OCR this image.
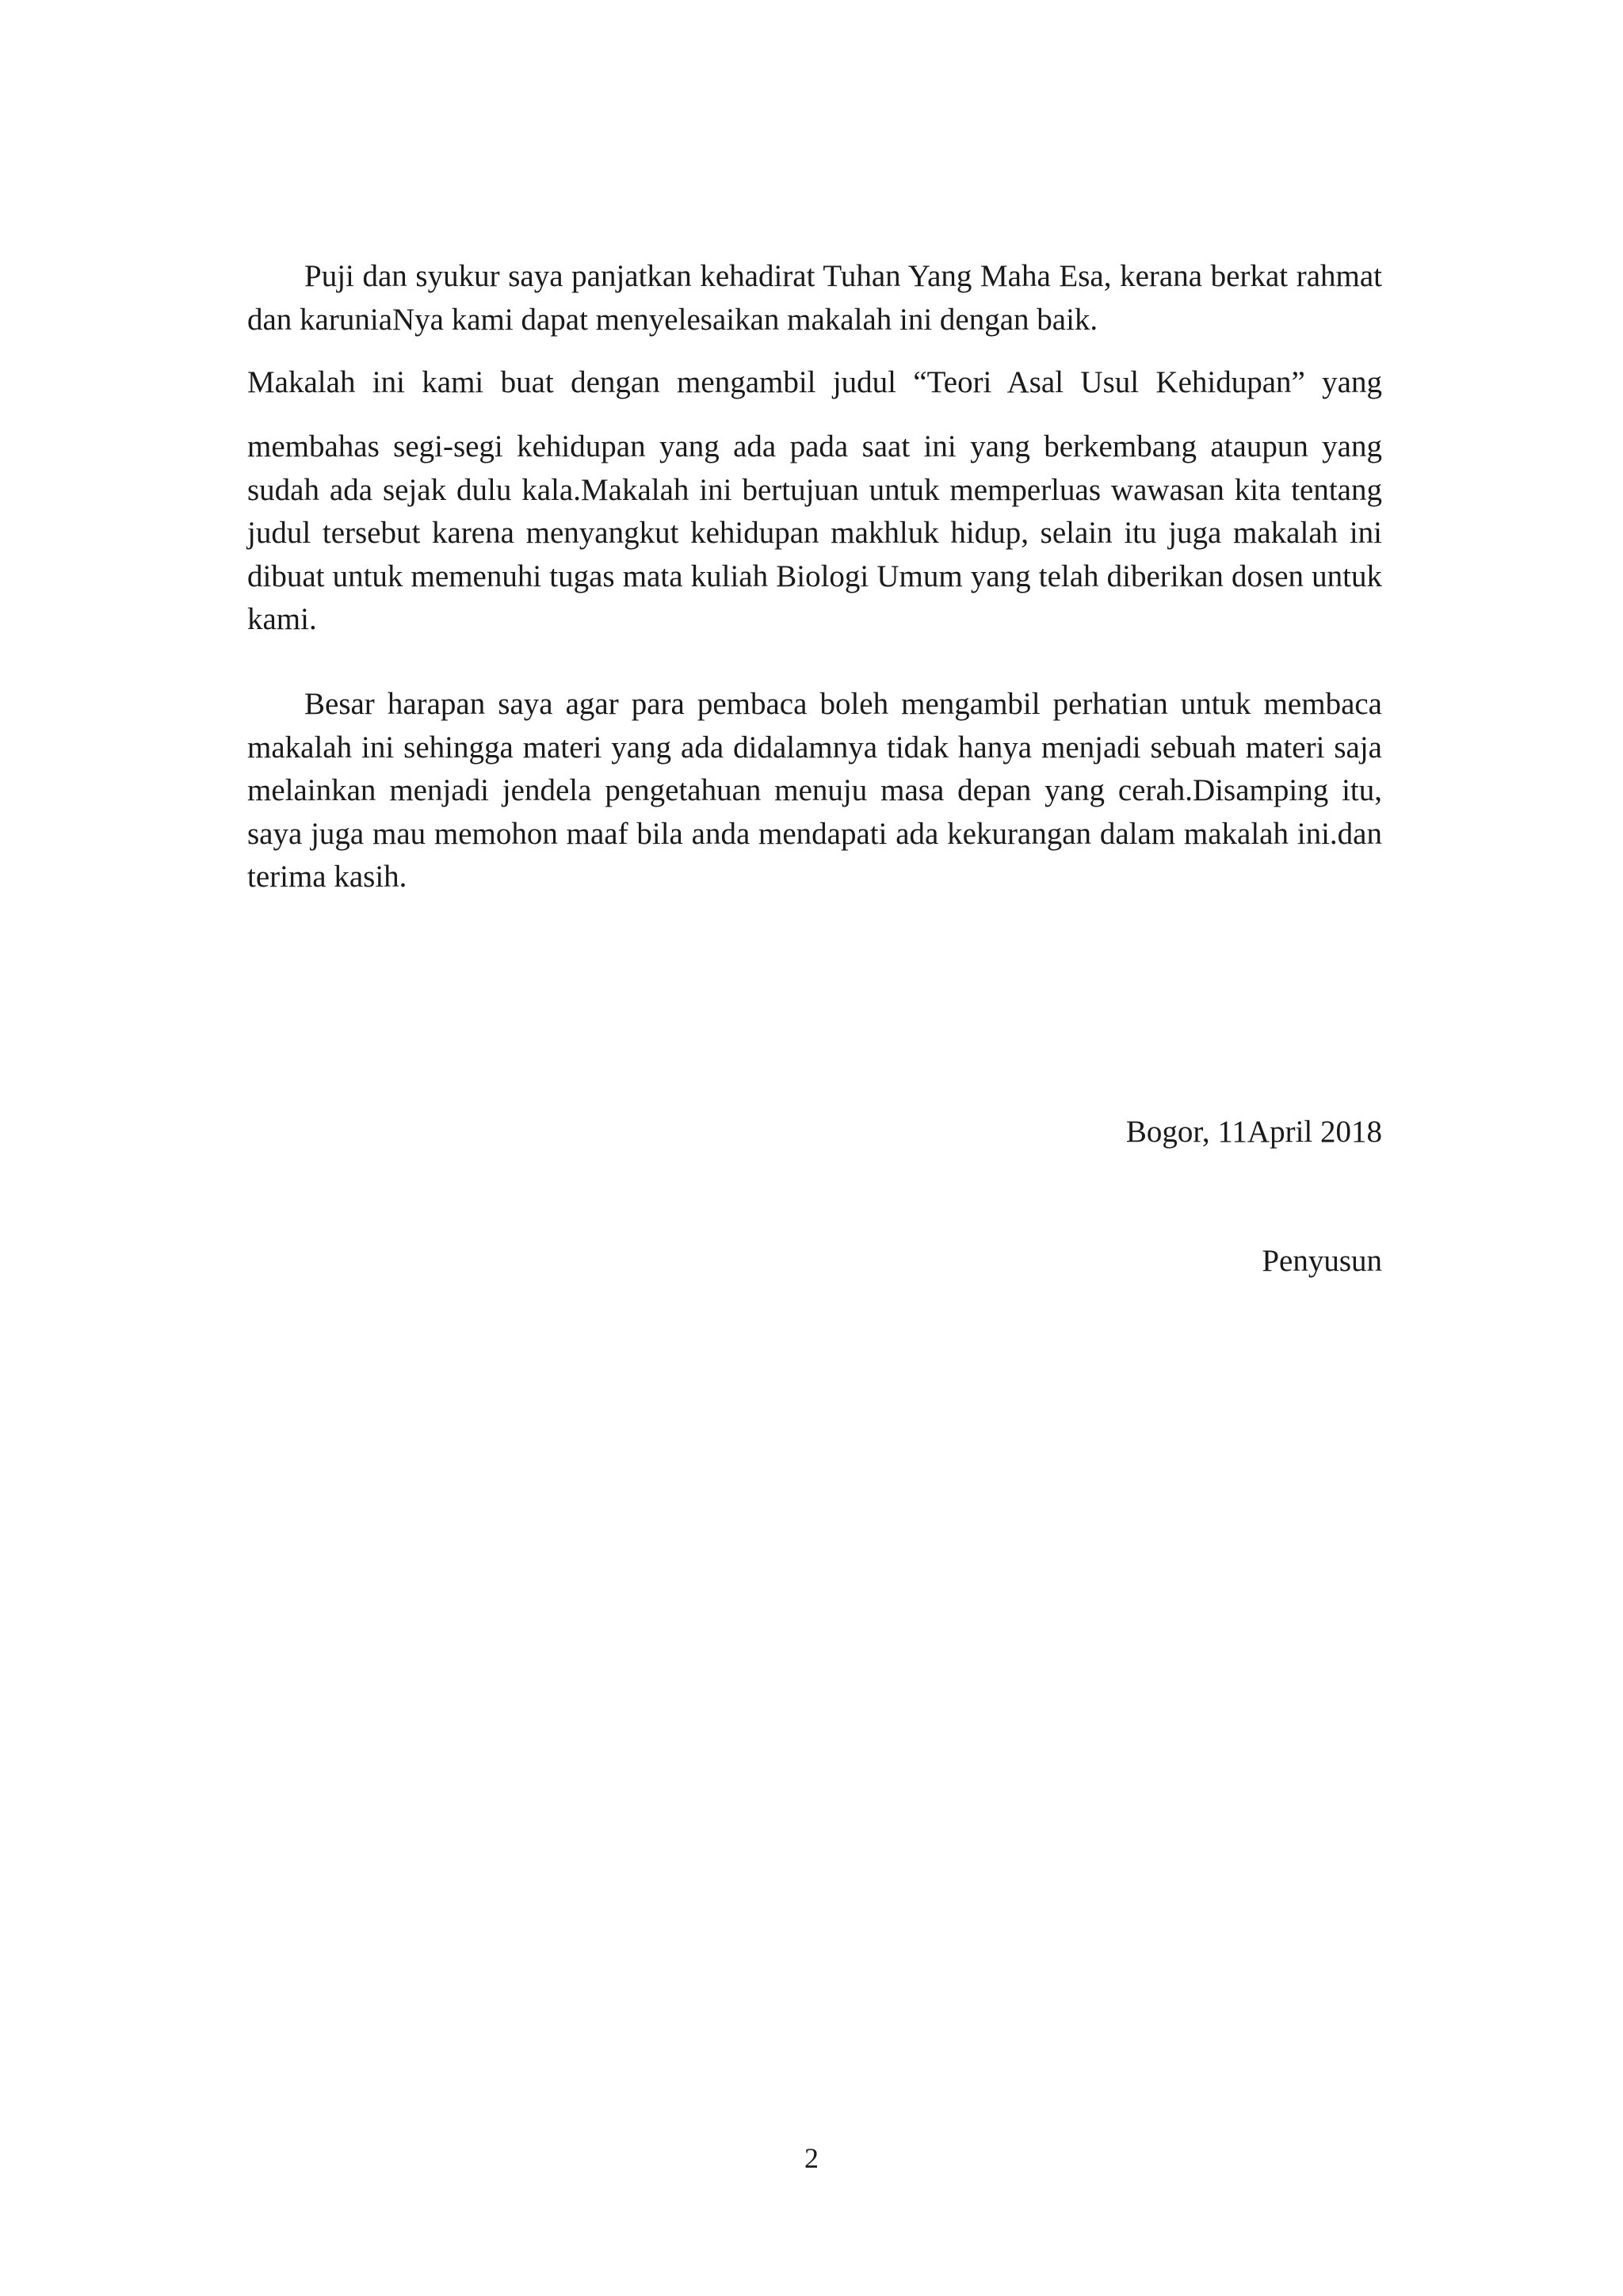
Puji dan syukur saya panjatkan kehadirat Tuhan Yang Maha Esa, kerana berkat rahmat dan karuniaNya kami dapat menyelesaikan makalah ini dengan baik.

Makalah ini kami buat dengan mengambil judul “Teori Asal Usul Kehidupan” yang

membahas segi-segi kehidupan yang ada pada saat ini yang berkembang ataupun yang sudah ada sejak dulu kala.Makalah ini bertujuan untuk memperluas wawasan kita tentang judul tersebut karena menyangkut kehidupan makhluk hidup, selain itu juga makalah ini dibuat untuk memenuhi tugas mata kuliah Biologi Umum yang telah diberikan dosen untuk kami.

Besar harapan saya agar para pembaca boleh mengambil perhatian untuk membaca makalah ini sehingga materi yang ada didalamnya tidak hanya menjadi sebuah materi saja melainkan menjadi jendela pengetahuan menuju masa depan yang cerah.Disamping itu, saya juga mau memohon maaf bila anda mendapati ada kekurangan dalam makalah ini.dan terima kasih.

Bogor, 11April 2018
Penyusun
2
